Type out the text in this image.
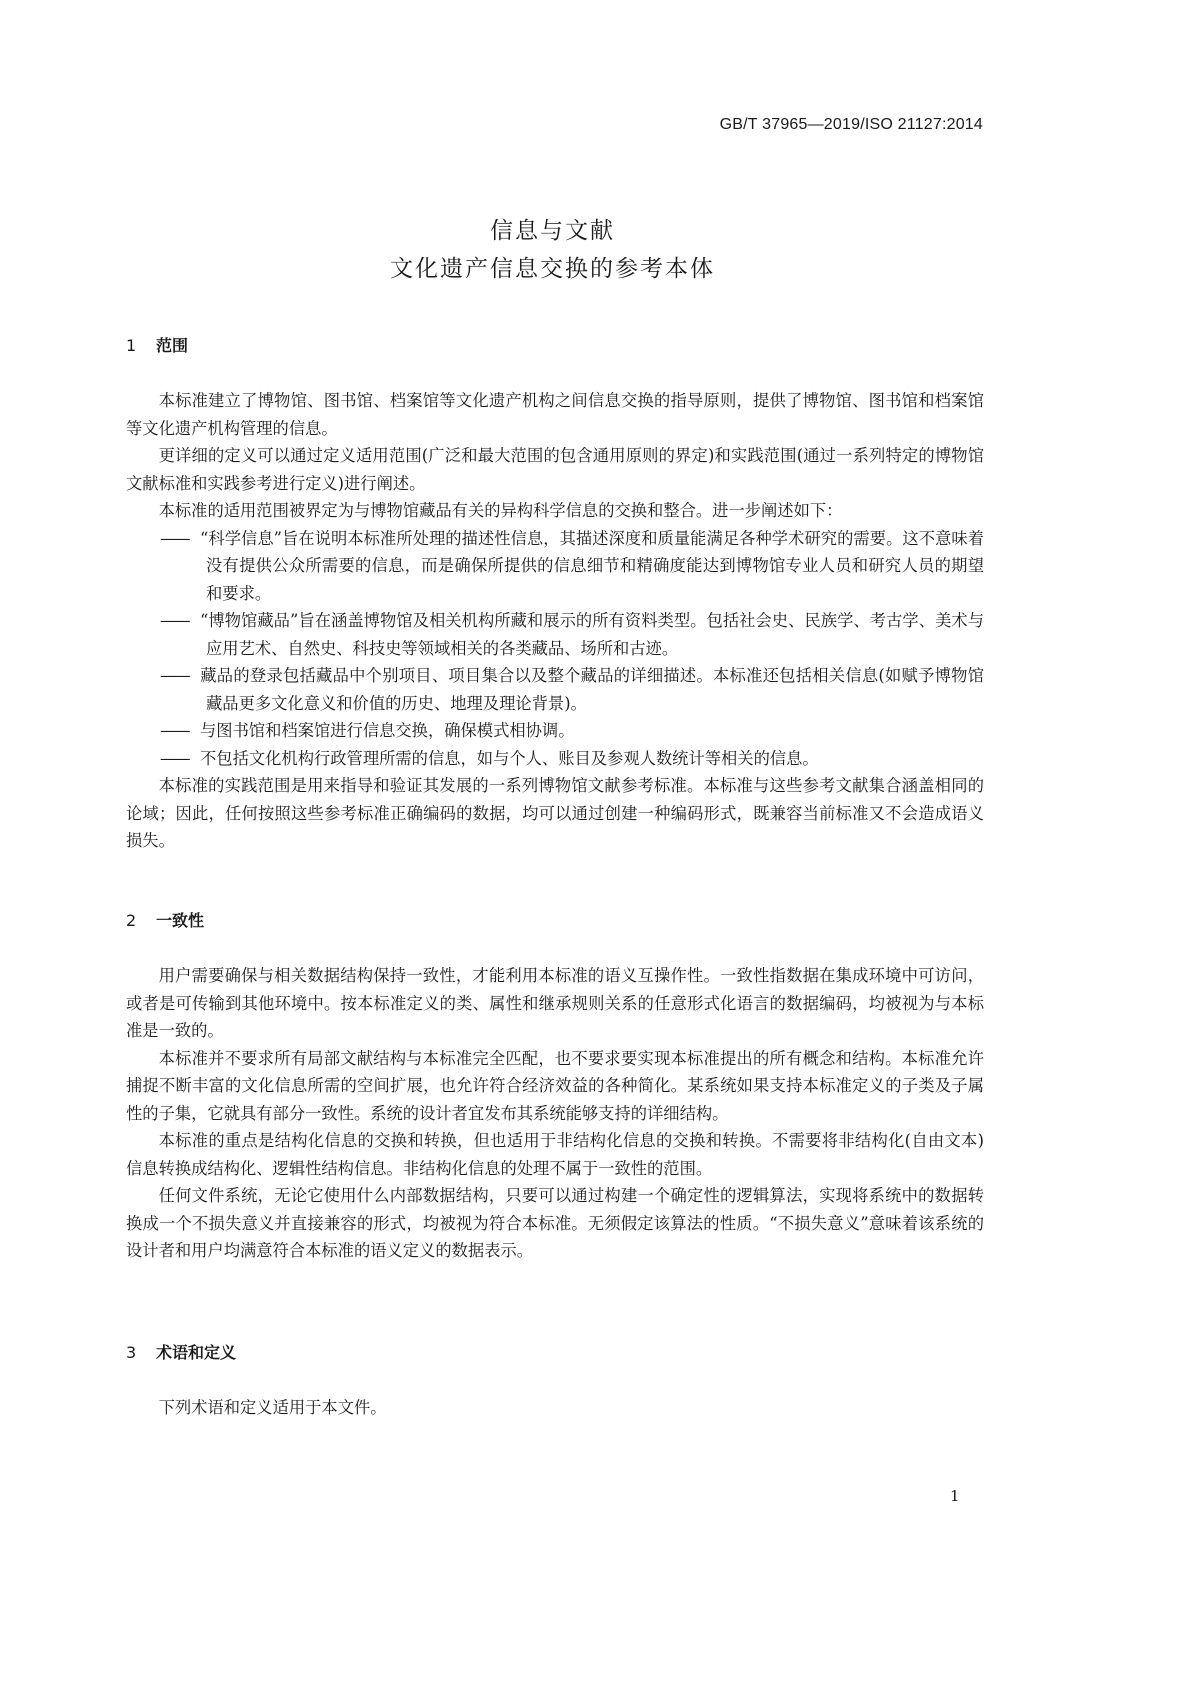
GB/T 37965—2019/ISO 21127:2014
信息与文献
文化遗产信息交换的参考本体
1 范围

本标准建立了博物馆、图书馆、档案馆等文化遗产机构之间信息交换的指导原则，提供了博物馆、图书馆和档案馆等文化遗产机构管理的信息。

更详细的定义可以通过定义适用范围(广泛和最大范围的包含通用原则的界定)和实践范围(通过一系列特定的博物馆文献标准和实践参考进行定义)进行阐述。

本标准的适用范围被界定为与博物馆藏品有关的异构科学信息的交换和整合。进一步阐述如下：

—— “科学信息”旨在说明本标准所处理的描述性信息，其描述深度和质量能满足各种学术研究的需要。这不意味着没有提供公众所需要的信息，而是确保所提供的信息细节和精确度能达到博物馆专业人员和研究人员的期望和要求。

—— “博物馆藏品”旨在涵盖博物馆及相关机构所藏和展示的所有资料类型。包括社会史、民族学、考古学、美术与应用艺术、自然史、科技史等领域相关的各类藏品、场所和古迹。

—— 藏品的登录包括藏品中个别项目、项目集合以及整个藏品的详细描述。本标准还包括相关信息(如赋予博物馆藏品更多文化意义和价值的历史、地理及理论背景)。

—— 与图书馆和档案馆进行信息交换，确保模式相协调。

—— 不包括文化机构行政管理所需的信息，如与个人、账目及参观人数统计等相关的信息。

本标准的实践范围是用来指导和验证其发展的一系列博物馆文献参考标准。本标准与这些参考文献集合涵盖相同的论域；因此，任何按照这些参考标准正确编码的数据，均可以通过创建一种编码形式，既兼容当前标准又不会造成语义损失。

2 一致性

用户需要确保与相关数据结构保持一致性，才能利用本标准的语义互操作性。一致性指数据在集成环境中可访问，或者是可传输到其他环境中。按本标准定义的类、属性和继承规则关系的任意形式化语言的数据编码，均被视为与本标准是一致的。

本标准并不要求所有局部文献结构与本标准完全匹配，也不要求要实现本标准提出的所有概念和结构。本标准允许捕捉不断丰富的文化信息所需的空间扩展，也允许符合经济效益的各种简化。某系统如果支持本标准定义的子类及子属性的子集，它就具有部分一致性。系统的设计者宜发布其系统能够支持的详细结构。

本标准的重点是结构化信息的交换和转换，但也适用于非结构化信息的交换和转换。不需要将非结构化(自由文本)信息转换成结构化、逻辑性结构信息。非结构化信息的处理不属于一致性的范围。

任何文件系统，无论它使用什么内部数据结构，只要可以通过构建一个确定性的逻辑算法，实现将系统中的数据转换成一个不损失意义并直接兼容的形式，均被视为符合本标准。无须假定该算法的性质。“不损失意义”意味着该系统的设计者和用户均满意符合本标准的语义定义的数据表示。

3 术语和定义

下列术语和定义适用于本文件。

1
